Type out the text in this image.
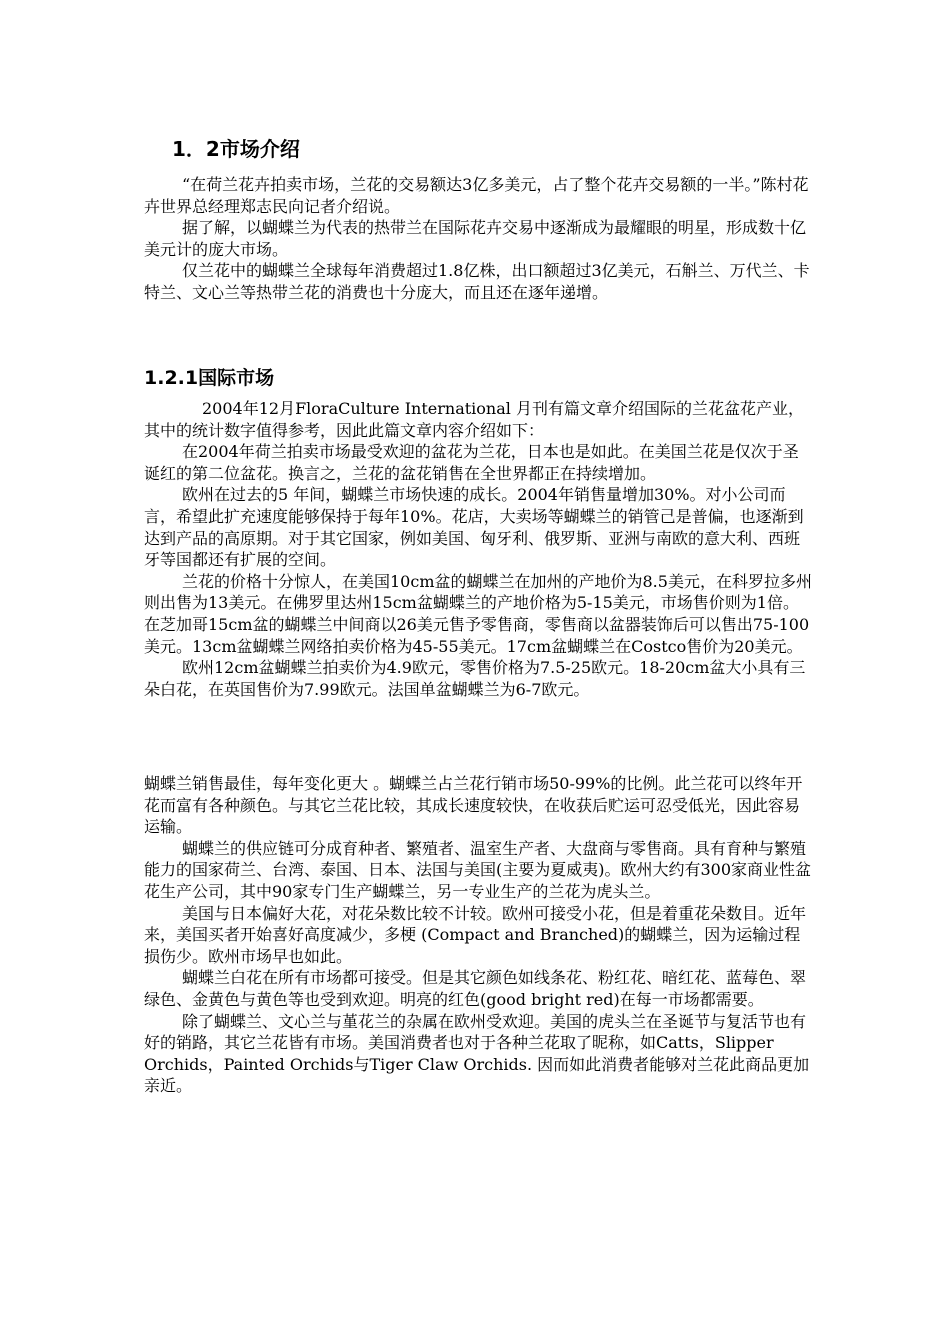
1．2市场介绍

“在荷兰花卉拍卖市场，兰花的交易额达3亿多美元，占了整个花卉交易额的一半。”陈村花卉世界总经理郑志民向记者介绍说。

据了解，以蝴蝶兰为代表的热带兰在国际花卉交易中逐渐成为最耀眼的明星，形成数十亿美元计的庞大市场。

仅兰花中的蝴蝶兰全球每年消费超过1.8亿株，出口额超过3亿美元，石斛兰、万代兰、卡特兰、文心兰等热带兰花的消费也十分庞大，而且还在逐年递增。

1.2.1国际市场

2004年12月FloraCulture International 月刊有篇文章介绍国际的兰花盆花产业，其中的统计数字值得参考，因此此篇文章内容介绍如下：

在2004年荷兰拍卖市场最受欢迎的盆花为兰花，日本也是如此。在美国兰花是仅次于圣诞红的第二位盆花。换言之，兰花的盆花销售在全世界都正在持续增加。

欧州在过去的5 年间，蝴蝶兰市场快速的成长。2004年销售量增加30%。对小公司而言，希望此扩充速度能够保持于每年10%。花店，大卖场等蝴蝶兰的销管己是普偏，也逐渐到达到产品的高原期。对于其它国家，例如美国、匈牙利、俄罗斯、亚洲与南欧的意大利、西班牙等国都还有扩展的空间。

兰花的价格十分惊人，在美国10cm盆的蝴蝶兰在加州的产地价为8.5美元，在科罗拉多州则出售为13美元。在佛罗里达州15cm盆蝴蝶兰的产地价格为5-15美元，市场售价则为1倍。在芝加哥15cm盆的蝴蝶兰中间商以26美元售予零售商，零售商以盆器装饰后可以售出75-100美元。13cm盆蝴蝶兰网络拍卖价格为45-55美元。17cm盆蝴蝶兰在Costco售价为20美元。

欧州12cm盆蝴蝶兰拍卖价为4.9欧元，零售价格为7.5-25欧元。18-20cm盆大小具有三朵白花，在英国售价为7.99欧元。法国单盆蝴蝶兰为6-7欧元。

蝴蝶兰销售最佳，每年变化更大 。蝴蝶兰占兰花行销市场50-99%的比例。此兰花可以终年开花而富有各种颜色。与其它兰花比较，其成长速度较快，在收获后贮运可忍受低光，因此容易运输。

蝴蝶兰的供应链可分成育种者、繁殖者、温室生产者、大盘商与零售商。具有育种与繁殖能力的国家荷兰、台湾、泰国、日本、法国与美国(主要为夏威夷)。欧州大约有300家商业性盆花生产公司，其中90家专门生产蝴蝶兰，另一专业生产的兰花为虎头兰。

美国与日本偏好大花，对花朵数比较不计较。欧州可接受小花，但是着重花朵数目。近年来，美国买者开始喜好高度减少，多梗 (Compact and Branched)的蝴蝶兰，因为运输过程损伤少。欧州市场早也如此。

蝴蝶兰白花在所有市场都可接受。但是其它颜色如线条花、粉红花、暗红花、蓝莓色、翠绿色、金黄色与黄色等也受到欢迎。明亮的红色(good bright red)在每一市场都需要。

除了蝴蝶兰、文心兰与堇花兰的杂属在欧州受欢迎。美国的虎头兰在圣诞节与复活节也有好的销路，其它兰花皆有市场。美国消费者也对于各种兰花取了昵称，如Catts，Slipper Orchids，Painted Orchids与Tiger Claw Orchids. 因而如此消费者能够对兰花此商品更加亲近。
